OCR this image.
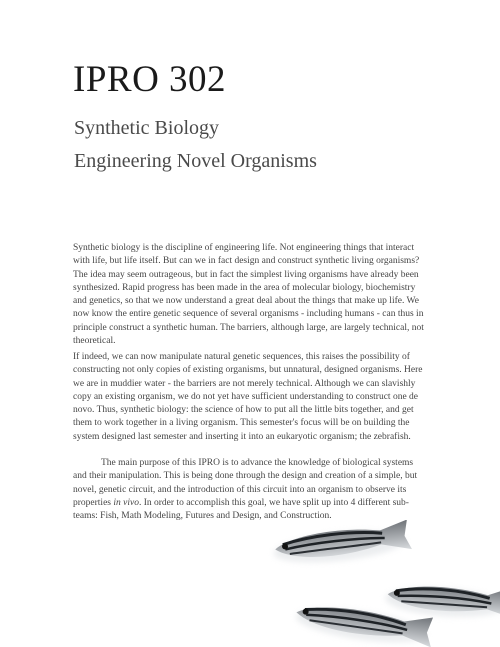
IPRO 302
Synthetic Biology
Engineering Novel Organisms

Synthetic biology is the discipline of engineering life. Not engineering things that interact with life, but life itself. But can we in fact design and construct synthetic living organisms? The idea may seem outrageous, but in fact the simplest living organisms have already been synthesized. Rapid progress has been made in the area of molecular biology, biochemistry and genetics, so that we now understand a great deal about the things that make up life. We now know the entire genetic sequence of several organisms - including humans - can thus in principle construct a synthetic human. The barriers, although large, are largely technical, not theoretical.

If indeed, we can now manipulate natural genetic sequences, this raises the possibility of constructing not only copies of existing organisms, but unnatural, designed organisms. Here we are in muddier water - the barriers are not merely technical. Although we can slavishly copy an existing organism, we do not yet have sufficient understanding to construct one de novo. Thus, synthetic biology: the science of how to put all the little bits together, and get them to work together in a living organism. This semester's focus will be on building the system designed last semester and inserting it into an eukaryotic organism; the zebrafish.

The main purpose of this IPRO is to advance the knowledge of biological systems and their manipulation. This is being done through the design and creation of a simple, but novel, genetic circuit, and the introduction of this circuit into an organism to observe its properties in vivo. In order to accomplish this goal, we have split up into 4 different sub-teams: Fish, Math Modeling, Futures and Design, and Construction.
